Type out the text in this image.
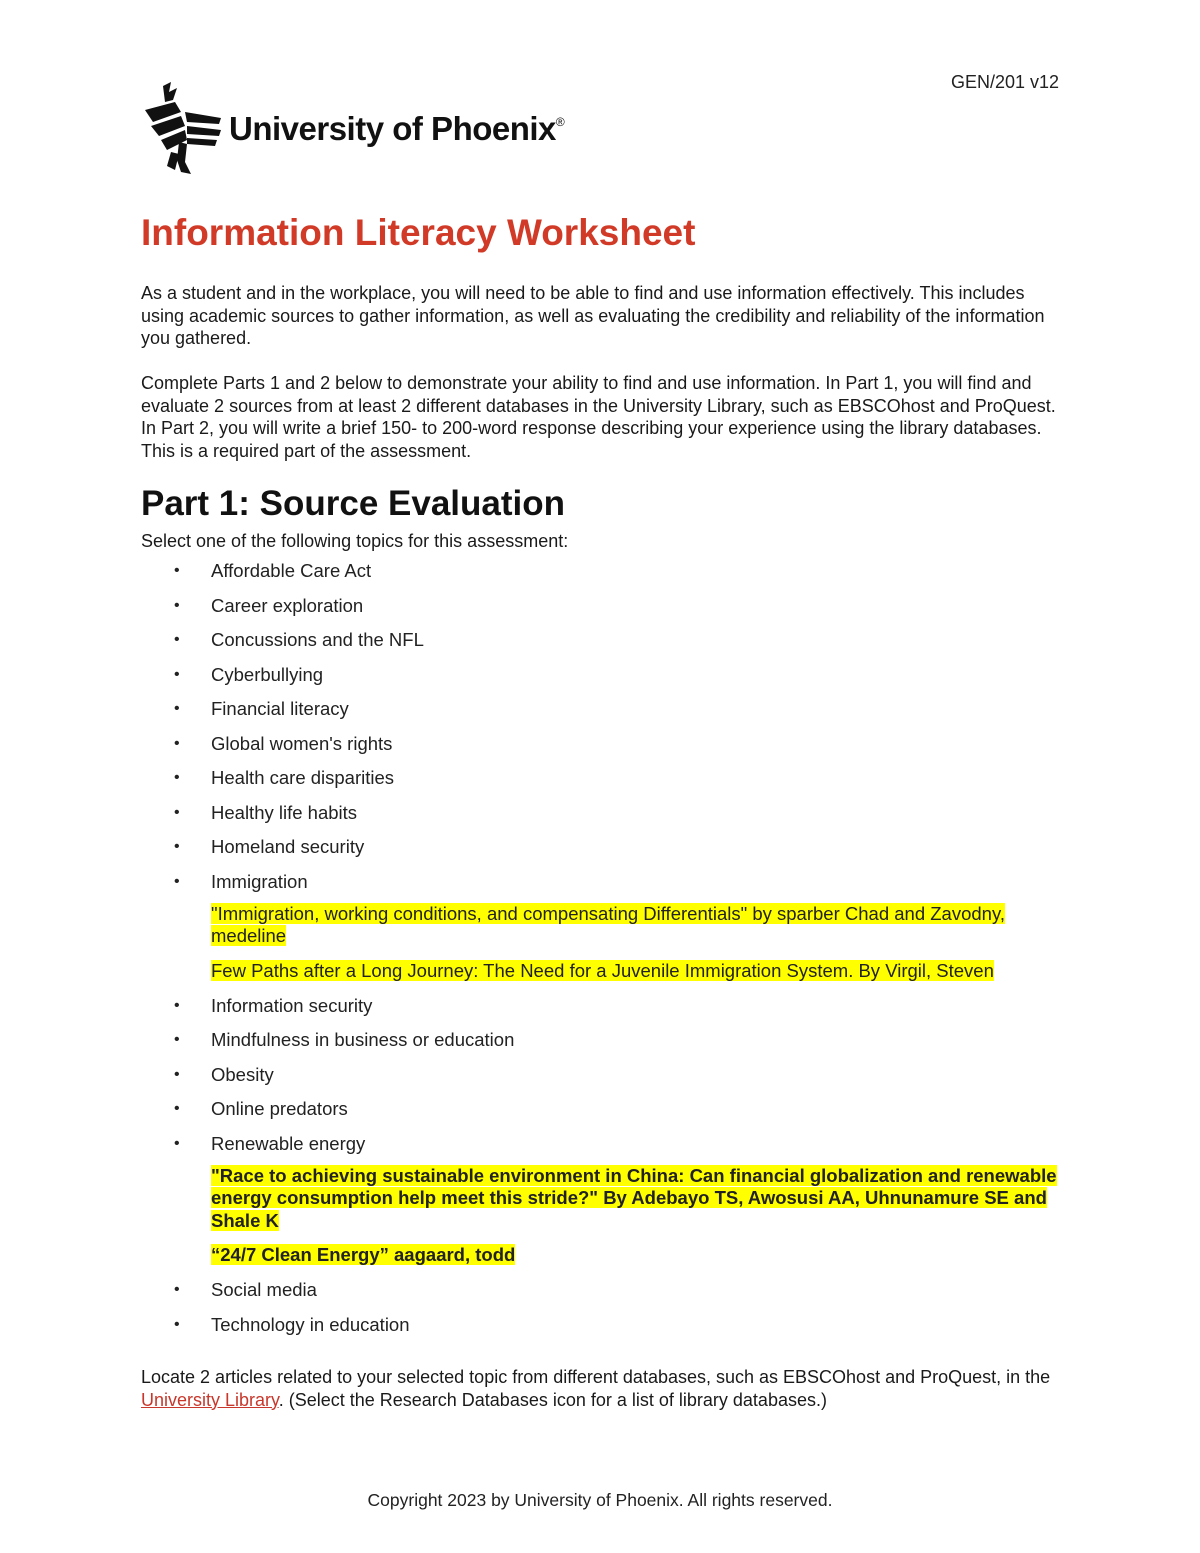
GEN/201 v12
University of Phoenix®
Information Literacy Worksheet

As a student and in the workplace, you will need to be able to find and use information effectively. This includes using academic sources to gather information, as well as evaluating the credibility and reliability of the information you gathered.

Complete Parts 1 and 2 below to demonstrate your ability to find and use information. In Part 1, you will find and evaluate 2 sources from at least 2 different databases in the University Library, such as EBSCOhost and ProQuest. In Part 2, you will write a brief 150- to 200-word response describing your experience using the library databases. This is a required part of the assessment.

Part 1: Source Evaluation

Select one of the following topics for this assessment:

• Affordable Care Act
• Career exploration
• Concussions and the NFL
• Cyberbullying
• Financial literacy
• Global women's rights
• Health care disparities
• Healthy life habits
• Homeland security
• Immigration

"Immigration, working conditions, and compensating Differentials" by sparber Chad and Zavodny, medeline

Few Paths after a Long Journey: The Need for a Juvenile Immigration System. By Virgil, Steven

• Information security
• Mindfulness in business or education
• Obesity
• Online predators
• Renewable energy

"Race to achieving sustainable environment in China: Can financial globalization and renewable energy consumption help meet this stride?" By Adebayo TS, Awosusi AA, Uhnunamure SE and Shale K

“24/7 Clean Energy” aagaard, todd

• Social media
• Technology in education

Locate 2 articles related to your selected topic from different databases, such as EBSCOhost and ProQuest, in the University Library. (Select the Research Databases icon for a list of library databases.)

Copyright 2023 by University of Phoenix. All rights reserved.
